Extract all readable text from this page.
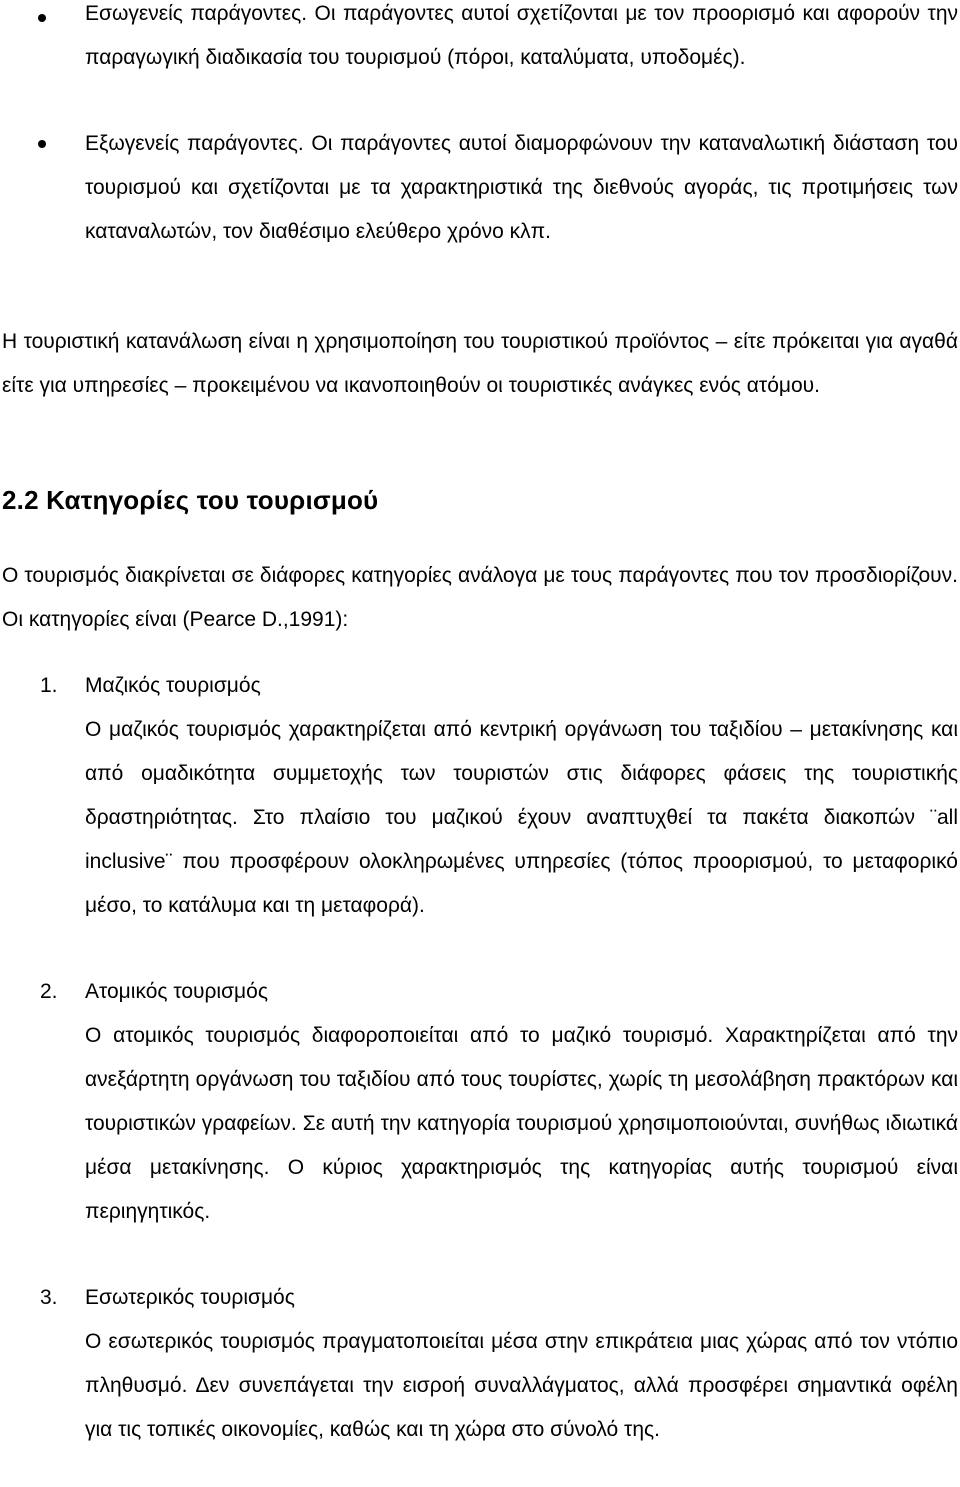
Εσωγενείς παράγοντες. Οι παράγοντες αυτοί σχετίζονται με τον προορισμό και αφορούν την παραγωγική διαδικασία του τουρισμού (πόροι, καταλύματα, υποδομές).
Εξωγενείς παράγοντες. Οι παράγοντες αυτοί διαμορφώνουν την καταναλωτική διάσταση του τουρισμού και σχετίζονται με τα χαρακτηριστικά της διεθνούς αγοράς, τις προτιμήσεις των καταναλωτών, τον διαθέσιμο ελεύθερο χρόνο κλπ.
Η τουριστική κατανάλωση είναι η χρησιμοποίηση του τουριστικού προϊόντος – είτε πρόκειται για αγαθά είτε για υπηρεσίες – προκειμένου να ικανοποιηθούν οι τουριστικές ανάγκες ενός ατόμου.
2.2 Κατηγορίες του τουρισμού
Ο τουρισμός διακρίνεται σε διάφορες κατηγορίες ανάλογα με τους παράγοντες που τον προσδιορίζουν. Οι κατηγορίες είναι (Pearce D.,1991):
1. Μαζικός τουρισμός
Ο μαζικός τουρισμός χαρακτηρίζεται από κεντρική οργάνωση του ταξιδίου – μετακίνησης και από ομαδικότητα συμμετοχής των τουριστών στις διάφορες φάσεις της τουριστικής δραστηριότητας. Στο πλαίσιο του μαζικού έχουν αναπτυχθεί τα πακέτα διακοπών ¨all inclusive¨ που προσφέρουν ολοκληρωμένες υπηρεσίες (τόπος προορισμού, το μεταφορικό μέσο, το κατάλυμα και τη μεταφορά).
2. Ατομικός τουρισμός
Ο ατομικός τουρισμός διαφοροποιείται από το μαζικό τουρισμό. Χαρακτηρίζεται από την ανεξάρτητη οργάνωση του ταξιδίου από τους τουρίστες, χωρίς τη μεσολάβηση πρακτόρων και τουριστικών γραφείων. Σε αυτή την κατηγορία τουρισμού χρησιμοποιούνται, συνήθως ιδιωτικά μέσα μετακίνησης. Ο κύριος χαρακτηρισμός της κατηγορίας αυτής τουρισμού είναι περιηγητικός.
3. Εσωτερικός τουρισμός
Ο εσωτερικός τουρισμός πραγματοποιείται μέσα στην επικράτεια μιας χώρας από τον ντόπιο πληθυσμό. Δεν συνεπάγεται την εισροή συναλλάγματος, αλλά προσφέρει σημαντικά οφέλη για τις τοπικές οικονομίες, καθώς και τη χώρα στο σύνολό της.
